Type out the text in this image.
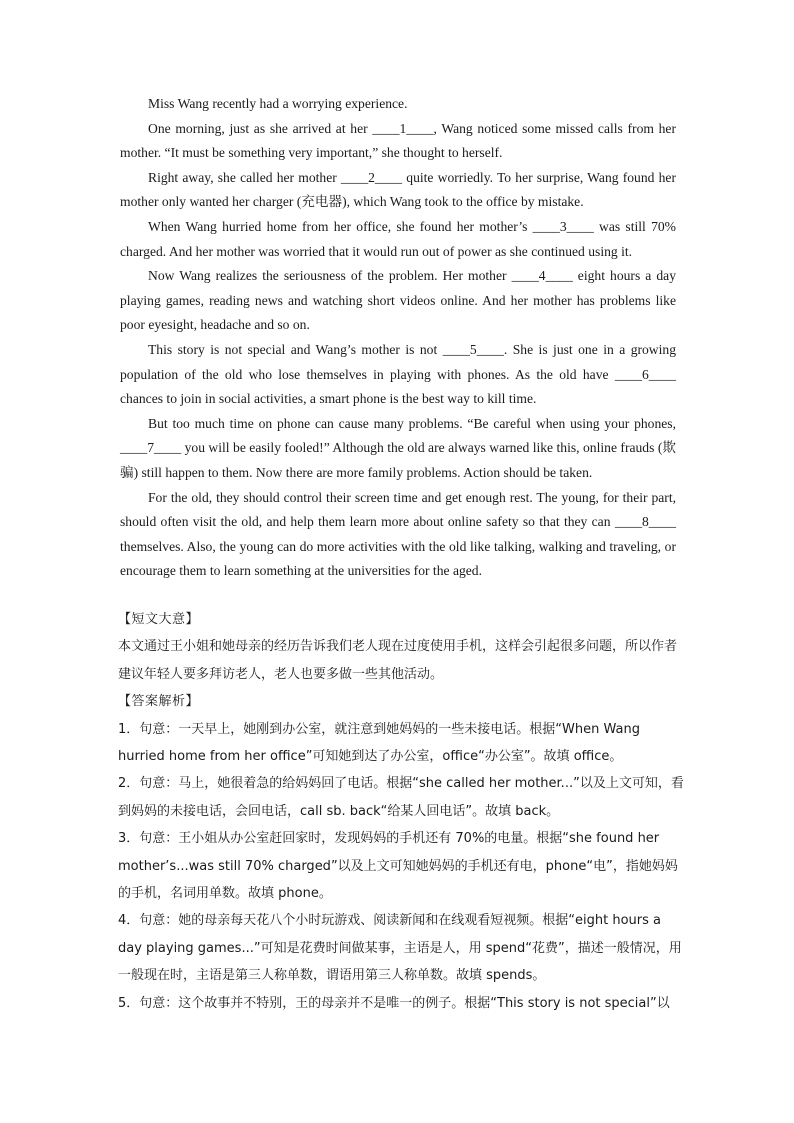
Miss Wang recently had a worrying experience.

One morning, just as she arrived at her ____1____, Wang noticed some missed calls from her mother. “It must be something very important,” she thought to herself.

Right away, she called her mother ____2____ quite worriedly. To her surprise, Wang found her mother only wanted her charger (充电器), which Wang took to the office by mistake.

When Wang hurried home from her office, she found her mother’s ____3____ was still 70% charged. And her mother was worried that it would run out of power as she continued using it.

Now Wang realizes the seriousness of the problem. Her mother ____4____ eight hours a day playing games, reading news and watching short videos online. And her mother has problems like poor eyesight, headache and so on.

This story is not special and Wang’s mother is not ____5____. She is just one in a growing population of the old who lose themselves in playing with phones. As the old have ____6____ chances to join in social activities, a smart phone is the best way to kill time.

But too much time on phone can cause many problems. “Be careful when using your phones, ____7____ you will be easily fooled!” Although the old are always warned like this, online frauds (欺骗) still happen to them. Now there are more family problems. Action should be taken.

For the old, they should control their screen time and get enough rest. The young, for their part, should often visit the old, and help them learn more about online safety so that they can ____8____ themselves. Also, the young can do more activities with the old like talking, walking and traveling, or encourage them to learn something at the universities for the aged.

【短文大意】

本文通过王小姐和她母亲的经历告诉我们老人现在过度使用手机，这样会引起很多问题，所以作者建议年轻人要多拜访老人，老人也要多做一些其他活动。

【答案解析】

1．句意：一天早上，她刚到办公室，就注意到她妈妈的一些未接电话。根据“When Wang hurried home from her office”可知她到达了办公室，office“办公室”。故填 office。

2．句意：马上，她很着急的给妈妈回了电话。根据“she called her mother...”以及上文可知，看到妈妈的未接电话，会回电话，call sb. back“给某人回电话”。故填 back。

3．句意：王小姐从办公室赶回家时，发现妈妈的手机还有 70%的电量。根据“she found her mother’s...was still 70% charged”以及上文可知她妈妈的手机还有电，phone“电”，指她妈妈的手机，名词用单数。故填 phone。

4．句意：她的母亲每天花八个小时玩游戏、阅读新闻和在线观看短视频。根据“eight hours a day playing games...”可知是花费时间做某事，主语是人，用 spend“花费”，描述一般情况，用一般现在时，主语是第三人称单数，谓语用第三人称单数。故填 spends。

5．句意：这个故事并不特别，王的母亲并不是唯一的例子。根据“This story is not special”以
